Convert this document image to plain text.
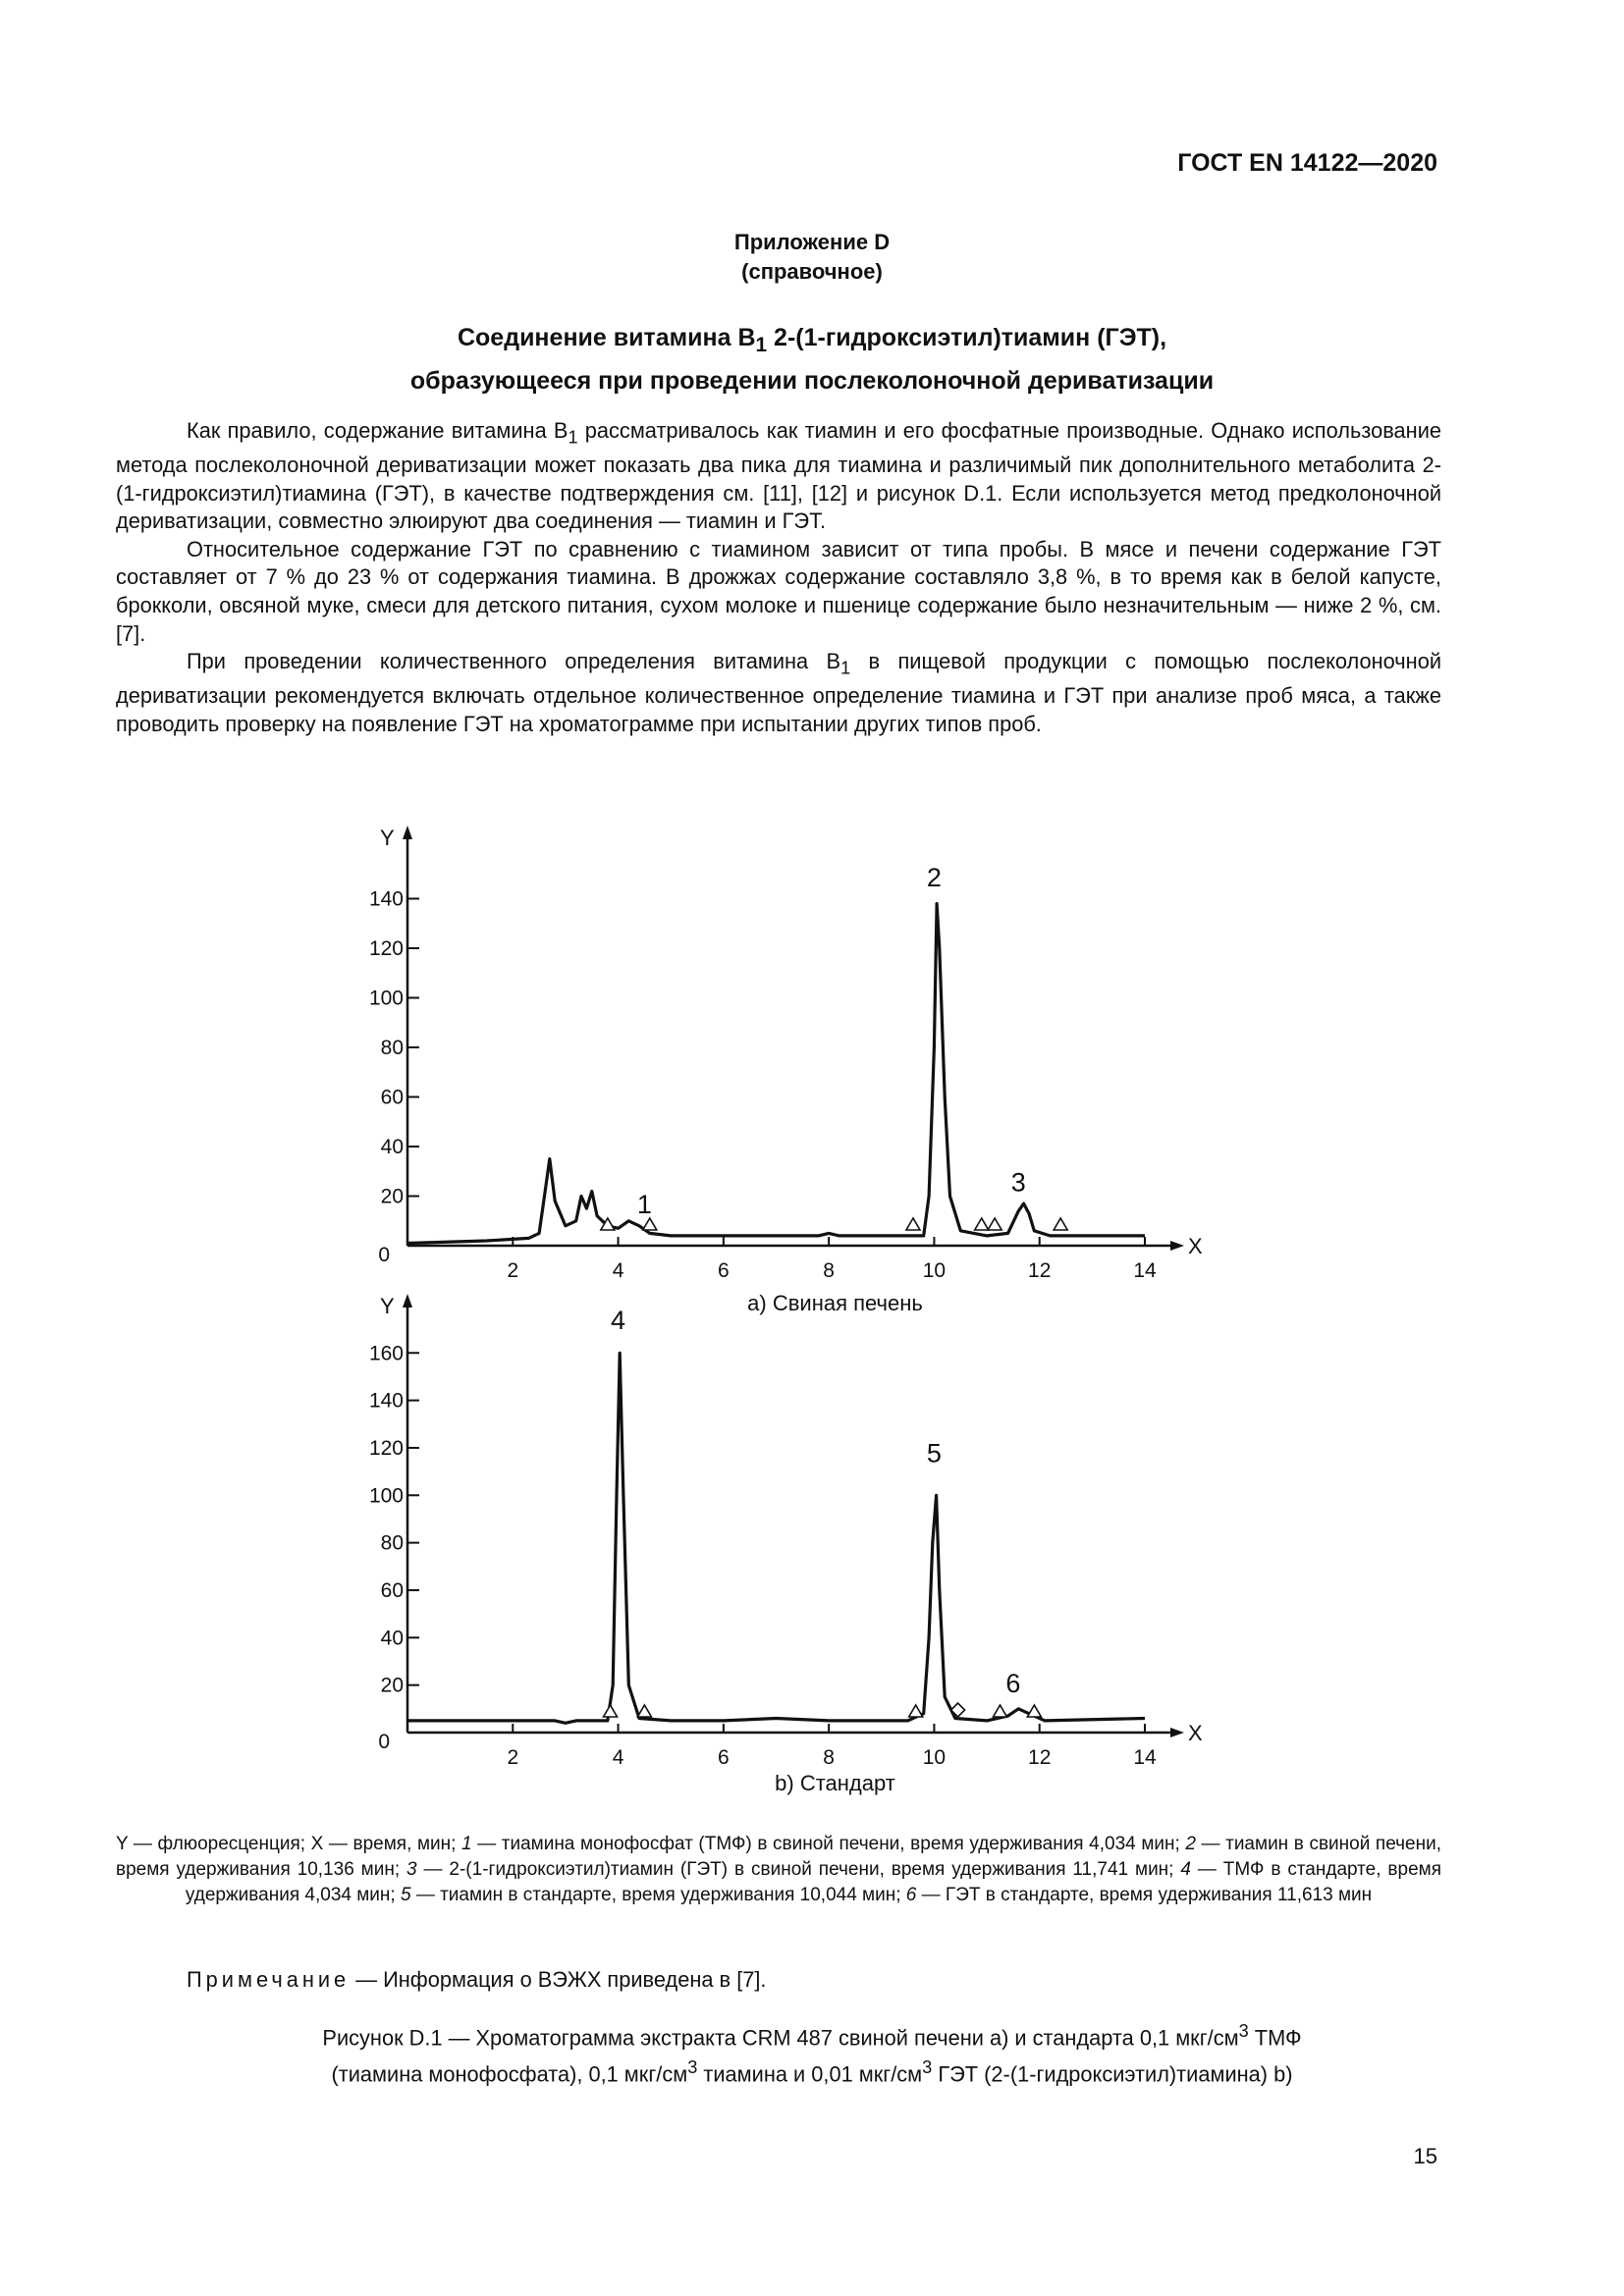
ГОСТ EN 14122—2020
Приложение D
(справочное)
Соединение витамина $В_1$ 2-(1-гидроксиэтил)тиамин (ГЭТ),
образующееся при проведении послеколоночной дериватизации

Как правило, содержание витамина $В_1$ рассматривалось как тиамин и его фосфатные производные. Однако использование метода послеколоночной дериватизации может показать два пика для тиамина и различимый пик дополнительного метаболита 2-(1-гидроксиэтил)тиамина (ГЭТ), в качестве подтверждения см. [11], [12] и рисунок D.1. Если используется метод предколоночной дериватизации, совместно элюируют два соединения — тиамин и ГЭТ.

Относительное содержание ГЭТ по сравнению с тиамином зависит от типа пробы. В мясе и печени содержание ГЭТ составляет от 7 % до 23 % от содержания тиамина. В дрожжах содержание составляло 3,8 %, в то время как в белой капусте, брокколи, овсяной муке, смеси для детского питания, сухом молоке и пшенице содержание было незначительным — ниже 2 %, см. [7].

При проведении количественного определения витамина $В_1$ в пищевой продукции с помощью послеколоночной дериватизации рекомендуется включать отдельное количественное определение тиамина и ГЭТ при анализе проб мяса, а также проводить проверку на появление ГЭТ на хроматограмме при испытании других типов проб.

X
Y
0
2	4	6	8	10	12	14
20
40
60
80
100
120
140
1
2
3
а) Свиная печень
X
Y
0
2	4	6	8	10	12	14
20
40
60
80
100
120
140
160
4
5
6
b) Стандарт
Y — флюоресценция; X — время, мин; 1 — тиамина монофосфат (ТМФ) в свиной печени, время удерживания 4,034 мин; 2 — тиамин в свиной печени, время удерживания 10,136 мин; 3 — 2-(1-гидроксиэтил)тиамин (ГЭТ) в свиной печени, время удерживания 11,741 мин; 4 — ТМФ в стандарте, время удерживания 4,034 мин; 5 — тиамин в стандарте, время удерживания 10,044 мин; 6 — ГЭТ в стандарте, время удерживания 11,613 мин
Примечание — Информация о ВЭЖХ приведена в [7].
Рисунок D.1 — Хроматограмма экстракта CRM 487 свиной печени а) и стандарта 0,1 мкг/$см^3$ ТМФ
(тиамина монофосфата), 0,1 мкг/$см^3$ тиамина и 0,01 мкг/$см^3$ ГЭТ (2-(1-гидроксиэтил)тиамина) b)
15
